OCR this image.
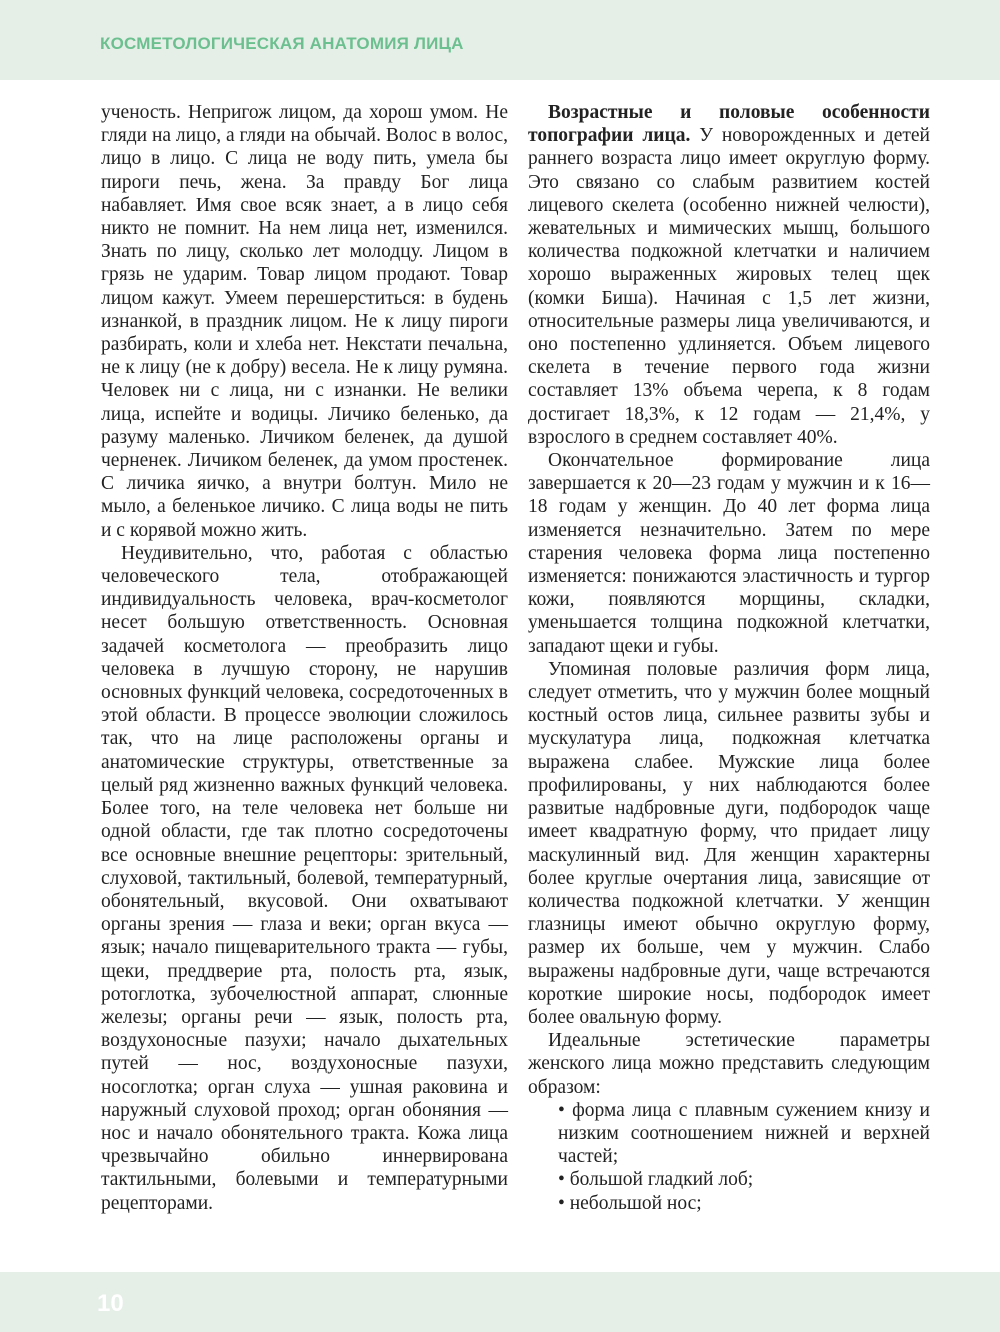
КОСМЕТОЛОГИЧЕСКАЯ АНАТОМИЯ ЛИЦА

ученость. Непригож лицом, да хорош умом. Не гляди на лицо, а гляди на обычай. Волос в волос, лицо в лицо. С лица не воду пить, умела бы пироги печь, жена. За правду Бог лица набавляет. Имя свое всяк знает, а в лицо себя никто не помнит. На нем лица нет, изменился. Знать по лицу, сколько лет молодцу. Лицом в грязь не ударим. Товар лицом продают. Товар лицом кажут. Умеем перешерститься: в будень изнанкой, в праздник лицом. Не к лицу пироги разбирать, коли и хлеба нет. Некстати печальна, не к лицу (не к добру) весела. Не к лицу румяна. Человек ни с лица, ни с изнанки. Не велики лица, испейте и водицы. Личико беленько, да разуму маленько. Личиком беленек, да душой черненек. Личиком беленек, да умом простенек. С личика яичко, а внутри болтун. Мило не мыло, а беленькое личико. С лица воды не пить и с корявой можно жить.

Неудивительно, что, работая с областью человеческого тела, отображающей индивидуальность человека, врач-косметолог несет большую ответственность. Основная задачей косметолога — преобразить лицо человека в лучшую сторону, не нарушив основных функций человека, сосредоточенных в этой области. В процессе эволюции сложилось так, что на лице расположены органы и анатомические структуры, ответственные за целый ряд жизненно важных функций человека. Более того, на теле человека нет больше ни одной области, где так плотно сосредоточены все основные внешние рецепторы: зрительный, слуховой, тактильный, болевой, температурный, обонятельный, вкусовой. Они охватывают органы зрения — глаза и веки; орган вкуса — язык; начало пищеварительного тракта — губы, щеки, преддверие рта, полость рта, язык, ротоглотка, зубочелюстной аппарат, слюнные железы; органы речи — язык, полость рта, воздухоносные пазухи; начало дыхательных путей — нос, воздухоносные пазухи, носоглотка; орган слуха — ушная раковина и наружный слуховой проход; орган обоняния — нос и начало обонятельного тракта. Кожа лица чрезвычайно обильно иннервирована тактильными, болевыми и температурными рецепторами.

Возрастные и половые особенности топографии лица. У новорожденных и детей раннего возраста лицо имеет округлую форму. Это связано со слабым развитием костей лицевого скелета (особенно нижней челюсти), жевательных и мимических мышц, большого количества подкожной клетчатки и наличием хорошо выраженных жировых телец щек (комки Биша). Начиная с 1,5 лет жизни, относительные размеры лица увеличиваются, и оно постепенно удлиняется. Объем лицевого скелета в течение первого года жизни составляет 13% объема черепа, к 8 годам достигает 18,3%, к 12 годам — 21,4%, у взрослого в среднем составляет 40%.

Окончательное формирование лица завершается к 20—23 годам у мужчин и к 16—18 годам у женщин. До 40 лет форма лица изменяется незначительно. Затем по мере старения человека форма лица постепенно изменяется: понижаются эластичность и тургор кожи, появляются морщины, складки, уменьшается толщина подкожной клетчатки, западают щеки и губы.

Упоминая половые различия форм лица, следует отметить, что у мужчин более мощный костный остов лица, сильнее развиты зубы и мускулатура лица, подкожная клетчатка выражена слабее. Мужские лица более профилированы, у них наблюдаются более развитые надбровные дуги, подбородок чаще имеет квадратную форму, что придает лицу маскулинный вид. Для женщин характерны более круглые очертания лица, зависящие от количества подкожной клетчатки. У женщин глазницы имеют обычно округлую форму, размер их больше, чем у мужчин. Слабо выражены надбровные дуги, чаще встречаются короткие широкие носы, подбородок имеет более овальную форму.

Идеальные эстетические параметры женского лица можно представить следующим образом:

• форма лица с плавным сужением книзу и низким соотношением нижней и верхней частей;

• большой гладкий лоб;

• небольшой нос;

10
